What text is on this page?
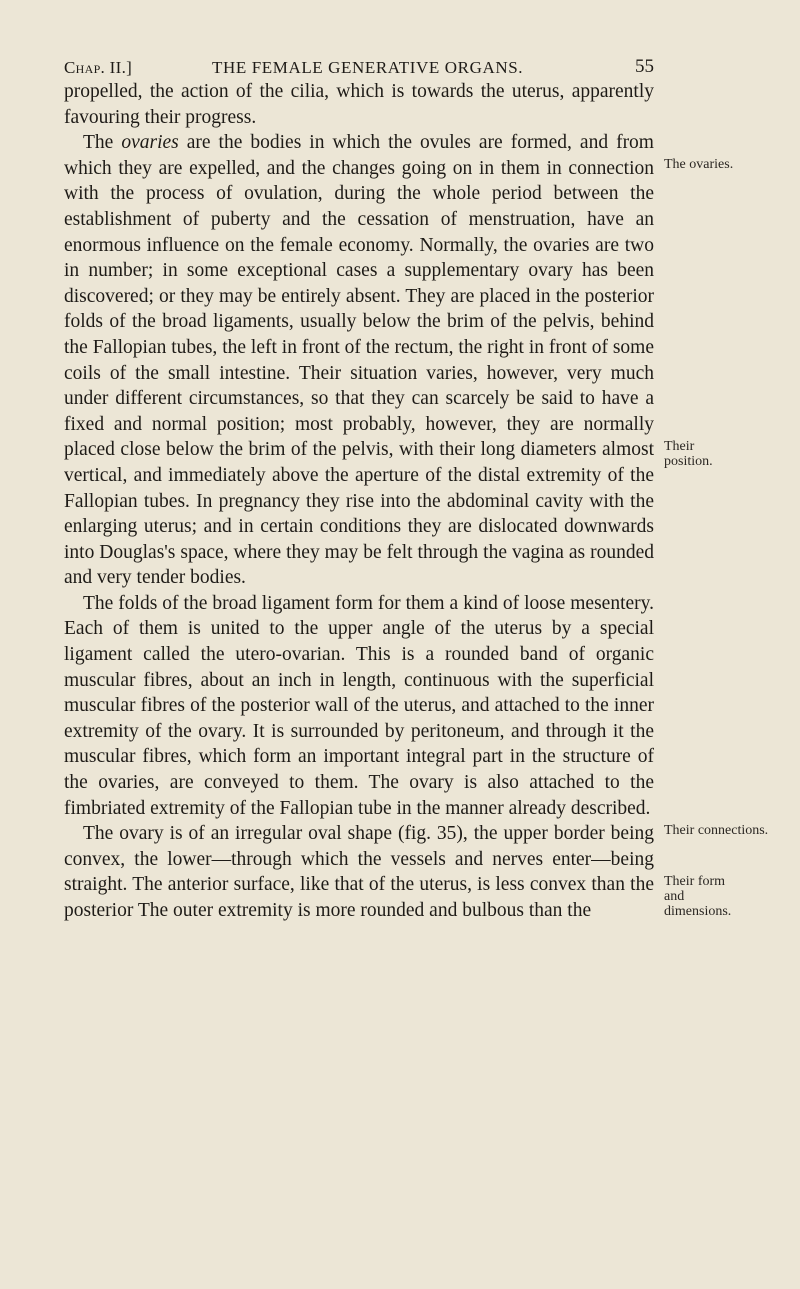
Chap. II.]	THE FEMALE GENERATIVE ORGANS.	55

propelled, the action of the cilia, which is towards the uterus, apparently favouring their progress.

The ovaries are the bodies in which the ovules are formed, and from which they are expelled, and the changes going on in them in connection with the process of ovulation, during the whole period between the establishment of puberty and the cessation of menstruation, have an enormous influence on the female economy. Normally, the ovaries are two in number; in some exceptional cases a supplementary ovary has been discovered; or they may be entirely absent. They are placed in the posterior folds of the broad ligaments, usually below the brim of the pelvis, behind the Fallopian tubes, the left in front of the rectum, the right in front of some coils of the small intestine. Their situation varies, however, very much under different circumstances, so that they can scarcely be said to have a fixed and normal position; most probably, however, they are normally placed close below the brim of the pelvis, with their long diameters almost vertical, and immediately above the aperture of the distal extremity of the Fallopian tubes. In pregnancy they rise into the abdominal cavity with the enlarging uterus; and in certain conditions they are dislocated downwards into Douglas's space, where they may be felt through the vagina as rounded and very tender bodies.

The folds of the broad ligament form for them a kind of loose mesentery. Each of them is united to the upper angle of the uterus by a special ligament called the utero-ovarian. This is a rounded band of organic muscular fibres, about an inch in length, continuous with the superficial muscular fibres of the posterior wall of the uterus, and attached to the inner extremity of the ovary. It is surrounded by peritoneum, and through it the muscular fibres, which form an important integral part in the structure of the ovaries, are conveyed to them. The ovary is also attached to the fimbriated extremity of the Fallopian tube in the manner already described.

The ovary is of an irregular oval shape (fig. 35), the upper border being convex, the lower—through which the vessels and nerves enter—being straight. The anterior surface, like that of the uterus, is less convex than the posterior The outer extremity is more rounded and bulbous than the

The ovaries.
Their position.
Their connections.
Their form and dimensions.
